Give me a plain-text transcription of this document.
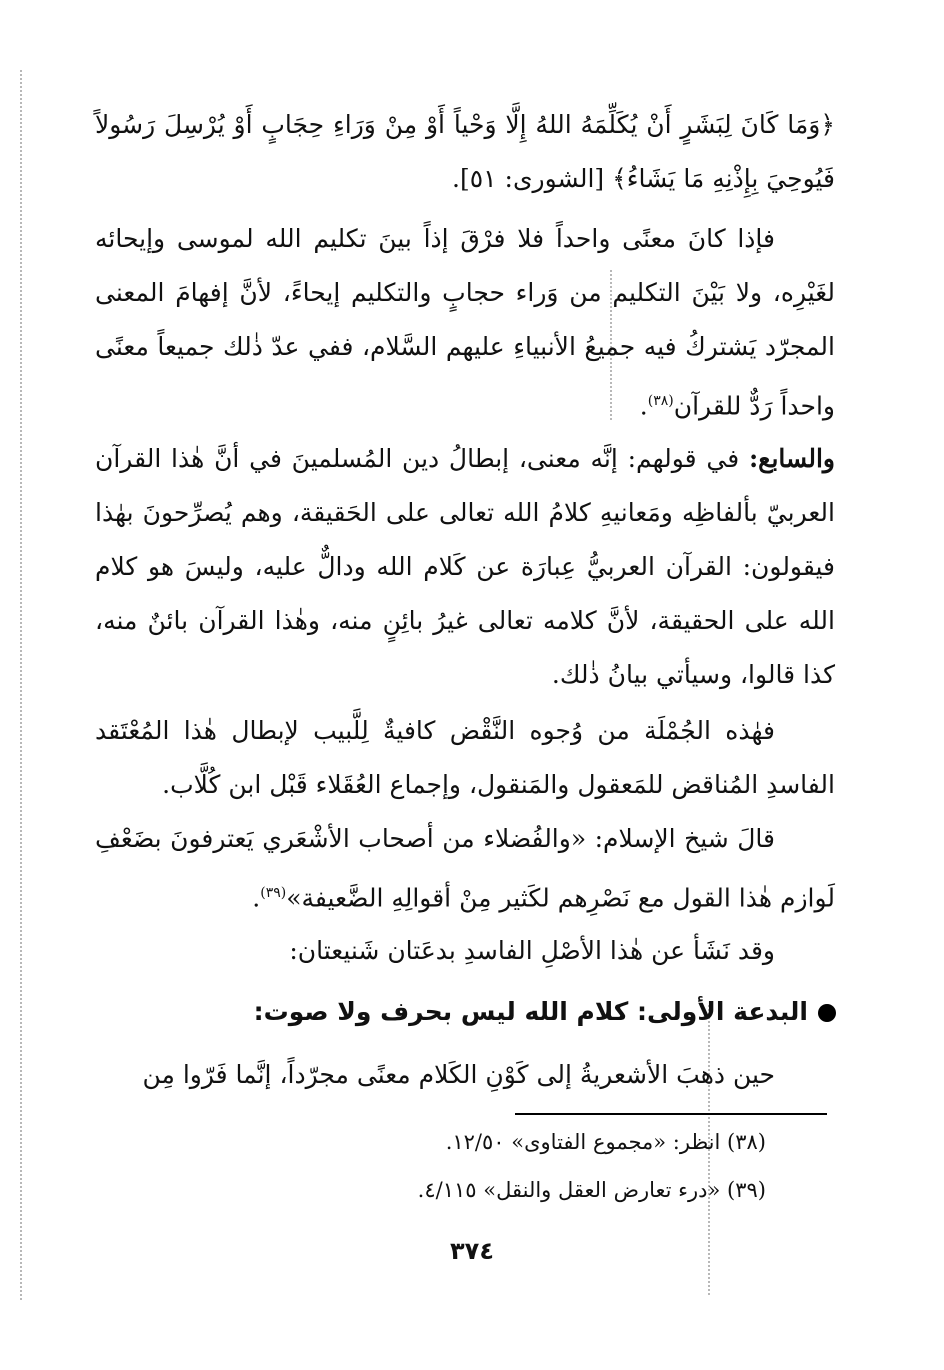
﴿وَمَا كَانَ لِبَشَرٍ أَنْ يُكَلِّمَهُ اللهُ إِلَّا وَحْياً أَوْ مِنْ وَرَاءِ حِجَابٍ أَوْ يُرْسِلَ رَسُولاً فَيُوحِيَ بِإِذْنِهِ مَا يَشَاءُ﴾ [الشورى: ٥١].

فإذا كانَ معنًى واحداً فلا فرْقَ إذاً بينَ تكليم الله لموسى وإيحائه لغَيْرِه، ولا بَيْنَ التكليم من وَراء حجابٍ والتكليم إيحاءً، لأنَّ إفهامَ المعنى المجرّد يَشتركُ فيه جميعُ الأنبياءِ عليهم السَّلام، ففي عدّ ذٰلك جميعاً معنًى واحداً رَدٌّ للقرآن$^{(٣٨)}$.

والسابع: في قولهم: إنَّه معنى، إبطالُ دين المُسلمينَ في أنَّ هٰذا القرآن العربيّ بألفاظِه ومَعانيهِ كلامُ الله تعالى على الحَقيقة، وهم يُصرِّحونَ بهٰذا فيقولون: القرآن العربيُّ عِبارَة عن كَلام الله ودالٌّ عليه، وليسَ هو كلام الله على الحقيقة، لأنَّ كلامه تعالى غيرُ بائِنٍ منه، وهٰذا القرآن بائنٌ منه، كذا قالوا، وسيأتي بيانُ ذٰلك.

فهٰذه الجُمْلَة من وُجوه النَّقْض كافيةٌ لِلَّبيب لإبطال هٰذا المُعْتَقد الفاسدِ المُناقض للمَعقول والمَنقول، وإجماع العُقَلاء قَبْل ابن كُلَّاب.

قالَ شيخ الإسلام: «والفُضلاء من أصحاب الأشْعَري يَعترفونَ بضَعْفِ لَوازم هٰذا القول مع نَصْرِهم لكَثير مِنْ أقوالِهِ الضَّعيفة»$^{(٣٩)}$.

وقد نَشَأ عن هٰذا الأصْلِ الفاسدِ بدعَتان شَنيعتان:

البدعة الأولى: كلام الله ليس بحرف ولا صوت:

حين ذهبَ الأشعريةُ إلى كَوْنِ الكَلام معنًى مجرّداً، إنَّما فَرّوا مِن

(٣٨) انظر: «مجموع الفتاوى» ١٢/٥٠.

(٣٩) «درء تعارض العقل والنقل» ٤/١١٥.

٣٧٤
